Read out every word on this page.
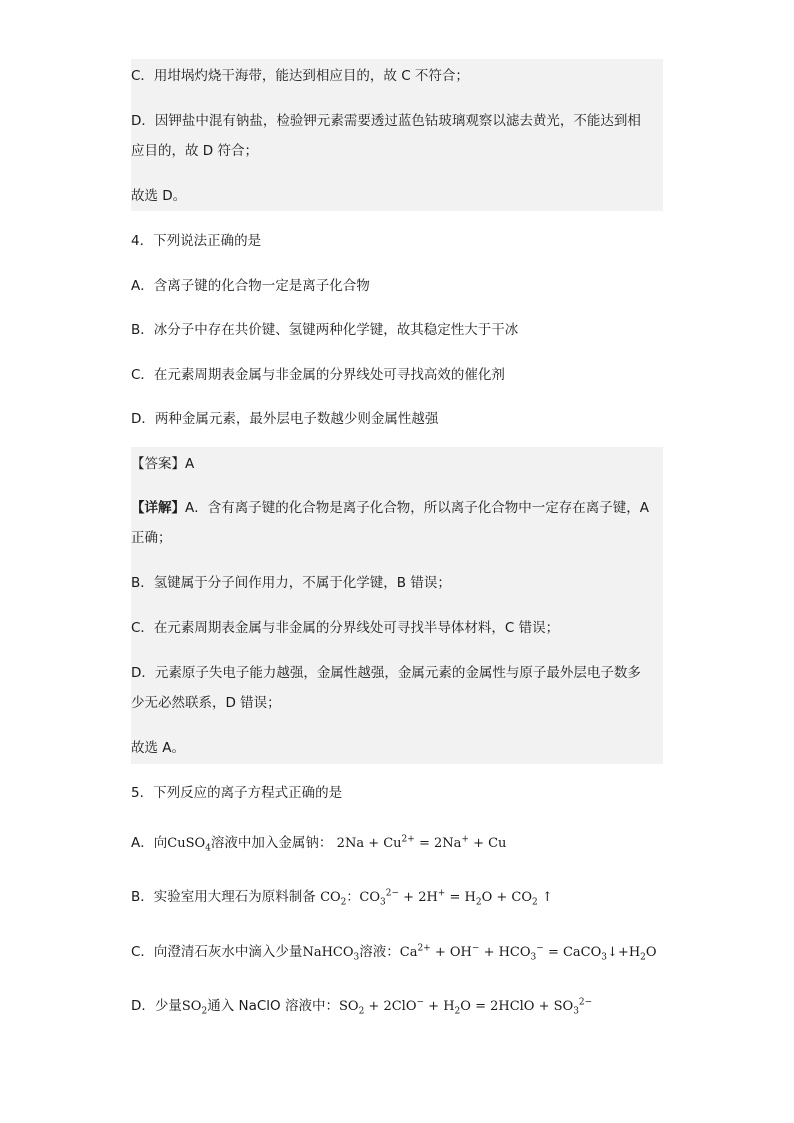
C．用坩埚灼烧干海带，能达到相应目的，故 C 不符合；
D．因钾盐中混有钠盐，检验钾元素需要透过蓝色钴玻璃观察以滤去黄光，不能达到相
应目的，故 D 符合；
故选 D。
4．下列说法正确的是
A．含离子键的化合物一定是离子化合物
B．冰分子中存在共价键、氢键两种化学键，故其稳定性大于干冰
C．在元素周期表金属与非金属的分界线处可寻找高效的催化剂
D．两种金属元素，最外层电子数越少则金属性越强
【答案】A
【详解】A．含有离子键的化合物是离子化合物，所以离子化合物中一定存在离子键，A
正确；
B．氢键属于分子间作用力，不属于化学键，B 错误；
C．在元素周期表金属与非金属的分界线处可寻找半导体材料，C 错误；
D．元素原子失电子能力越强，金属性越强，金属元素的金属性与原子最外层电子数多
少无必然联系，D 错误；
故选 A。
5．下列反应的离子方程式正确的是
A．向CuSO$_4$溶液中加入金属钠： $2Na + Cu^{2+} = 2Na^+ + Cu$
B．实验室用大理石为原料制备 $CO_2$：$CO_3^{2-} + 2H^+ = H_2O + CO_2$ ↑
C．向澄清石灰水中滴入少量NaHCO$_3$溶液：$Ca^{2+} + OH^- + HCO_3^-$ = $CaCO_3↓+H_2O$
D．少量$SO_2$通入 NaClO 溶液中：$SO_2 + 2ClO^- + H_2O$ = 2HClO + $SO_3^{2-}$
